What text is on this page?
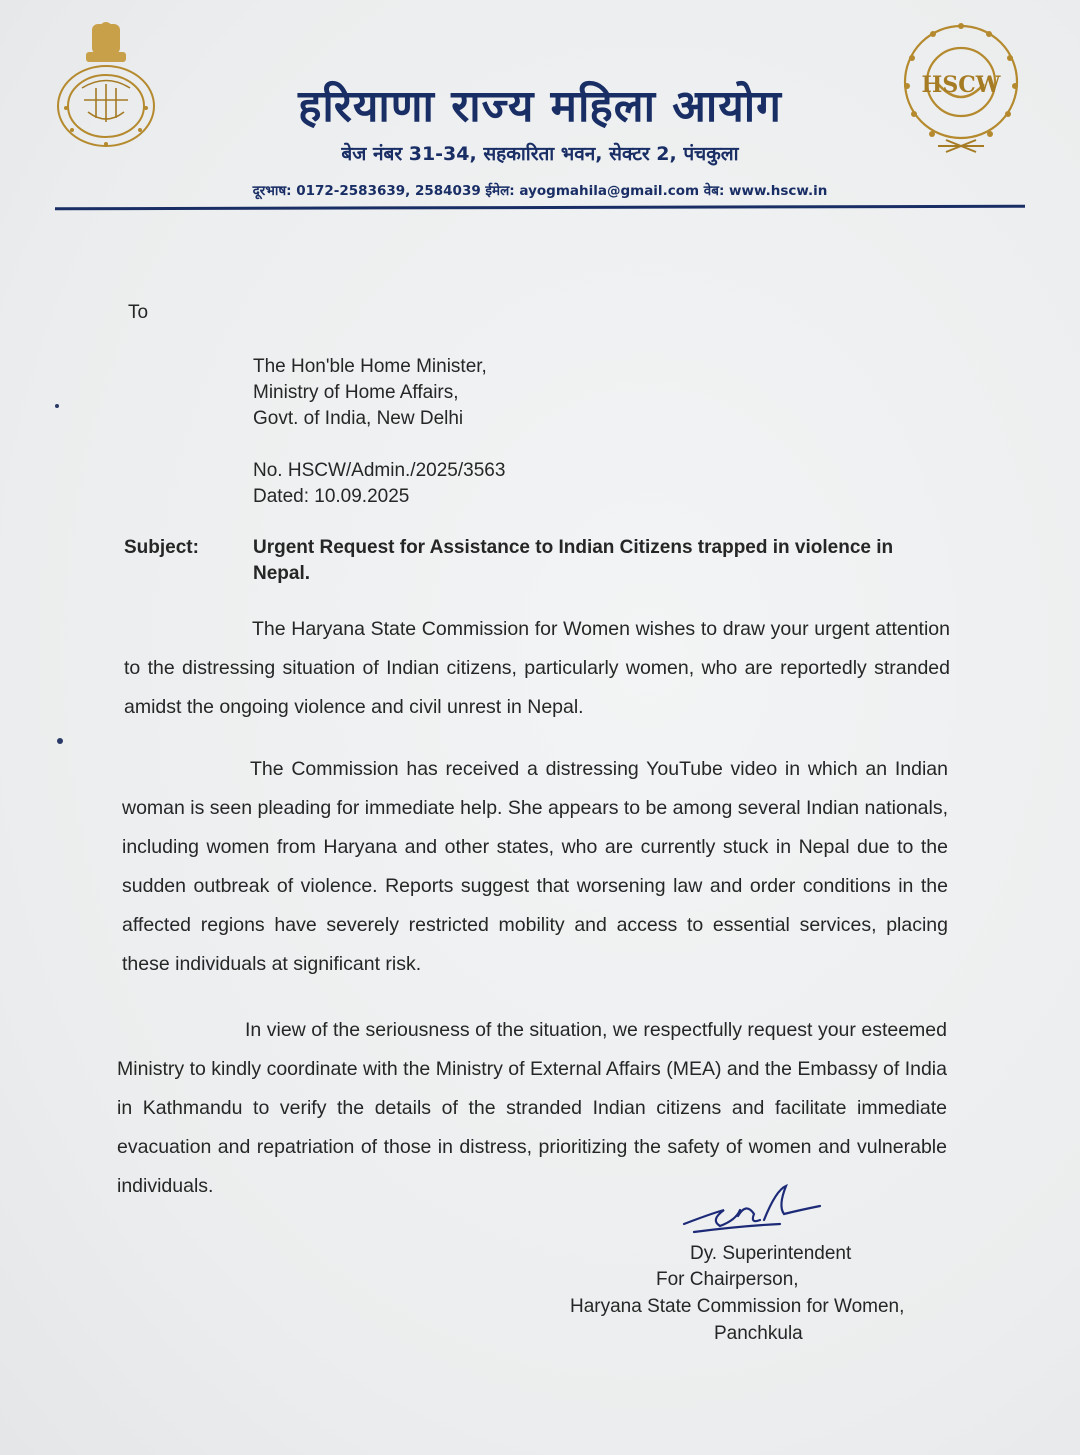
HSCW
हरियाणा राज्य महिला आयोग
बेज नंबर 31-34, सहकारिता भवन, सेक्टर 2, पंचकुला
दूरभाष: 0172-2583639, 2584039 ईमेल: ayogmahila@gmail.com वेब: www.hscw.in
To
The Hon'ble Home Minister,
Ministry of Home Affairs,
Govt. of India, New Delhi
No. HSCW/Admin./2025/3563
Dated: 10.09.2025
Subject:	Urgent Request for Assistance to Indian Citizens trapped in violence in Nepal.
The Haryana State Commission for Women wishes to draw your urgent attention to the distressing situation of Indian citizens, particularly women, who are reportedly stranded amidst the ongoing violence and civil unrest in Nepal.
The Commission has received a distressing YouTube video in which an Indian woman is seen pleading for immediate help. She appears to be among several Indian nationals, including women from Haryana and other states, who are currently stuck in Nepal due to the sudden outbreak of violence. Reports suggest that worsening law and order conditions in the affected regions have severely restricted mobility and access to essential services, placing these individuals at significant risk.
In view of the seriousness of the situation, we respectfully request your esteemed Ministry to kindly coordinate with the Ministry of External Affairs (MEA) and the Embassy of India in Kathmandu to verify the details of the stranded Indian citizens and facilitate immediate evacuation and repatriation of those in distress, prioritizing the safety of women and vulnerable individuals.
Dy. Superintendent
For Chairperson,
Haryana State Commission for Women,
Panchkula
